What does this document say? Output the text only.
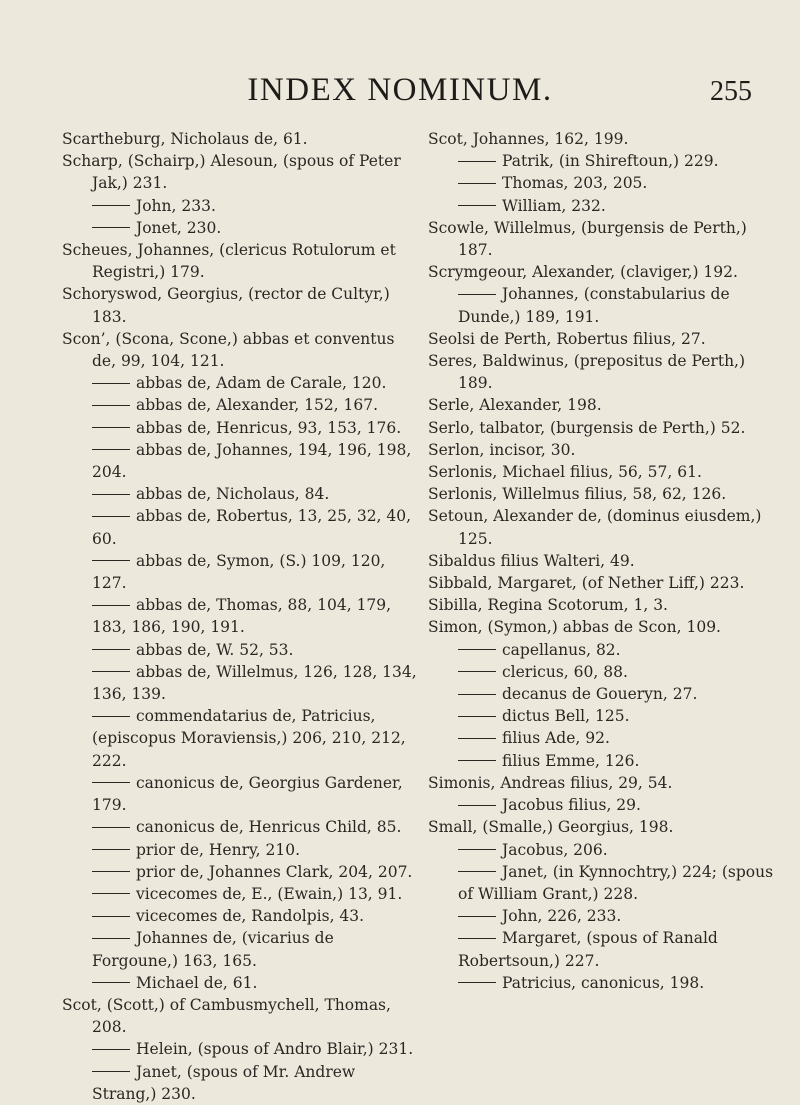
INDEX NOMINUM.	255

Scartheburg, Nicholaus de, 61.

Scharp, (Schairp,) Alesoun, (spous of Peter Jak,) 231.

John, 233.

Jonet, 230.

Scheues, Johannes, (clericus Rotulorum et Registri,) 179.

Schoryswod, Georgius, (rector de Cultyr,) 183.

Scon’, (Scona, Scone,) abbas et conventus de, 99, 104, 121.

abbas de, Adam de Carale, 120.

abbas de, Alexander, 152, 167.

abbas de, Henricus, 93, 153, 176.

abbas de, Johannes, 194, 196, 198, 204.

abbas de, Nicholaus, 84.

abbas de, Robertus, 13, 25, 32, 40, 60.

abbas de, Symon, (S.) 109, 120, 127.

abbas de, Thomas, 88, 104, 179, 183, 186, 190, 191.

abbas de, W. 52, 53.

abbas de, Willelmus, 126, 128, 134, 136, 139.

commendatarius de, Patricius, (episcopus Moraviensis,) 206, 210, 212, 222.

canonicus de, Georgius Gardener, 179.

canonicus de, Henricus Child, 85.

prior de, Henry, 210.

prior de, Johannes Clark, 204, 207.

vicecomes de, E., (Ewain,) 13, 91.

vicecomes de, Randolpis, 43.

Johannes de, (vicarius de Forgoune,) 163, 165.

Michael de, 61.

Scot, (Scott,) of Cambusmychell, Thomas, 208.

Helein, (spous of Andro Blair,) 231.

Janet, (spous of Mr. Andrew Strang,) 230.

Scot, Johannes, 162, 199.

Patrik, (in Shireftoun,) 229.

Thomas, 203, 205.

William, 232.

Scowle, Willelmus, (burgensis de Perth,) 187.

Scrymgeour, Alexander, (claviger,) 192.

Johannes, (constabularius de Dunde,) 189, 191.

Seolsi de Perth, Robertus filius, 27.

Seres, Baldwinus, (prepositus de Perth,) 189.

Serle, Alexander, 198.

Serlo, talbator, (burgensis de Perth,) 52.

Serlon, incisor, 30.

Serlonis, Michael filius, 56, 57, 61.

Serlonis, Willelmus filius, 58, 62, 126.

Setoun, Alexander de, (dominus eiusdem,) 125.

Sibaldus filius Walteri, 49.

Sibbald, Margaret, (of Nether Liff,) 223.

Sibilla, Regina Scotorum, 1, 3.

Simon, (Symon,) abbas de Scon, 109.

capellanus, 82.

clericus, 60, 88.

decanus de Goueryn, 27.

dictus Bell, 125.

filius Ade, 92.

filius Emme, 126.

Simonis, Andreas filius, 29, 54.

Jacobus filius, 29.

Small, (Smalle,) Georgius, 198.

Jacobus, 206.

Janet, (in Kynnochtry,) 224; (spous of William Grant,) 228.

John, 226, 233.

Margaret, (spous of Ranald Robertsoun,) 227.

Patricius, canonicus, 198.
